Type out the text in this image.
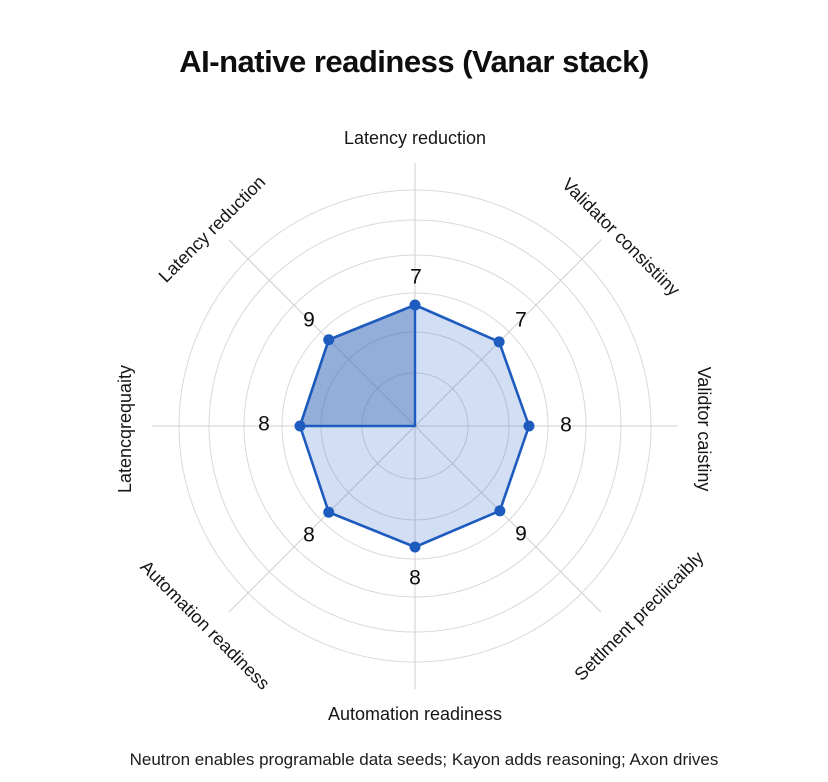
AI-native readiness (Vanar stack)
7
7
8
9
8
8
8
9
Latency reduction
Validator consistiiny
Validtor caistiny
Settlment precliicaibly
Automation readiness
Automation readiness
Latencqrequaity
Latency reduction

Neutron enables programable data seeds; Kayon adds reasoning; Axon drives
